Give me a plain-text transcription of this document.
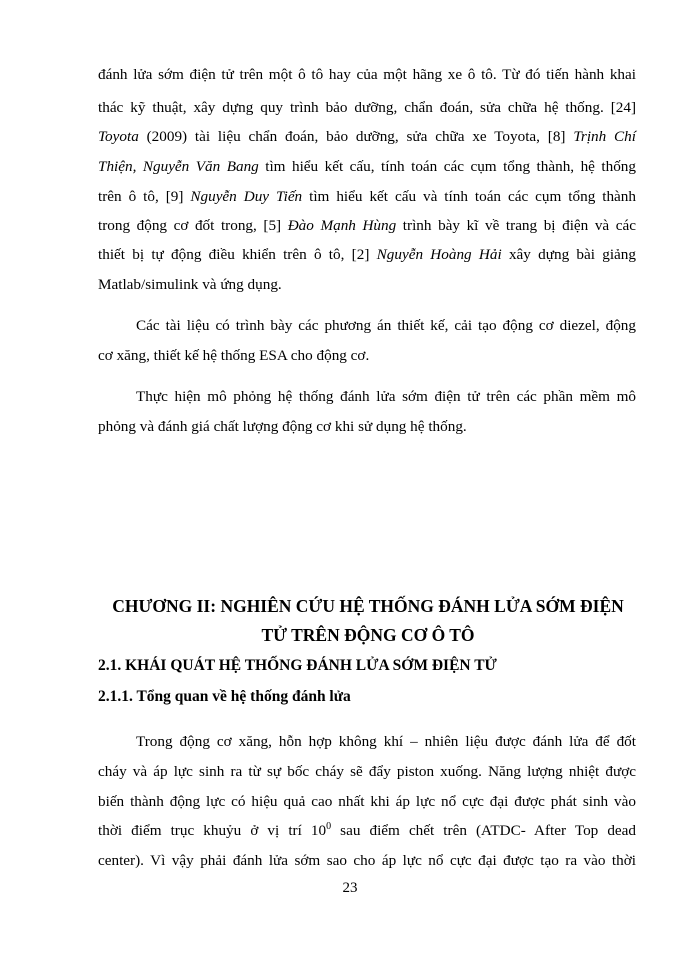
đánh lửa sớm điện tử trên một ô tô hay của một hãng xe ô tô. Từ đó tiến hành khai
thác kỹ thuật, xây dựng quy trình bảo dưỡng, chẩn đoán, sửa chữa hệ thống. [24]
Toyota (2009) tài liệu chẩn đoán, bảo dưỡng, sửa chữa xe Toyota, [8] Trịnh Chí
Thiện, Nguyễn Văn Bang tìm hiểu kết cấu, tính toán các cụm tổng thành, hệ thống
trên ô tô, [9] Nguyễn Duy Tiến tìm hiểu kết cấu và tính toán các cụm tổng thành
trong động cơ đốt trong, [5] Đào Mạnh Hùng trình bày kĩ về trang bị điện và các
thiết bị tự động điều khiển trên ô tô, [2] Nguyễn Hoàng Hải xây dựng bài giảng
Matlab/simulink và ứng dụng.
Các tài liệu có trình bày các phương án thiết kế, cải tạo động cơ diezel, động
cơ xăng, thiết kế hệ thống ESA cho động cơ.
Thực hiện mô phỏng hệ thống đánh lửa sớm điện tử trên các phần mềm mô
phỏng và đánh giá chất lượng động cơ khi sử dụng hệ thống.
CHƯƠNG II: NGHIÊN CỨU HỆ THỐNG ĐÁNH LỬA SỚM ĐIỆN
TỬ TRÊN ĐỘNG CƠ Ô TÔ
2.1. KHÁI QUÁT HỆ THỐNG ĐÁNH LỬA SỚM ĐIỆN TỬ
2.1.1. Tổng quan về hệ thống đánh lửa
Trong động cơ xăng, hỗn hợp không khí – nhiên liệu được đánh lửa để đốt
cháy và áp lực sinh ra từ sự bốc cháy sẽ đẩy piston xuống. Năng lượng nhiệt được
biến thành động lực có hiệu quả cao nhất khi áp lực nổ cực đại được phát sinh vào
thời điểm trục khuỷu ở vị trí $10^0$ sau điểm chết trên (ATDC- After Top dead
center). Vì vậy phải đánh lửa sớm sao cho áp lực nổ cực đại được tạo ra vào thời
23
